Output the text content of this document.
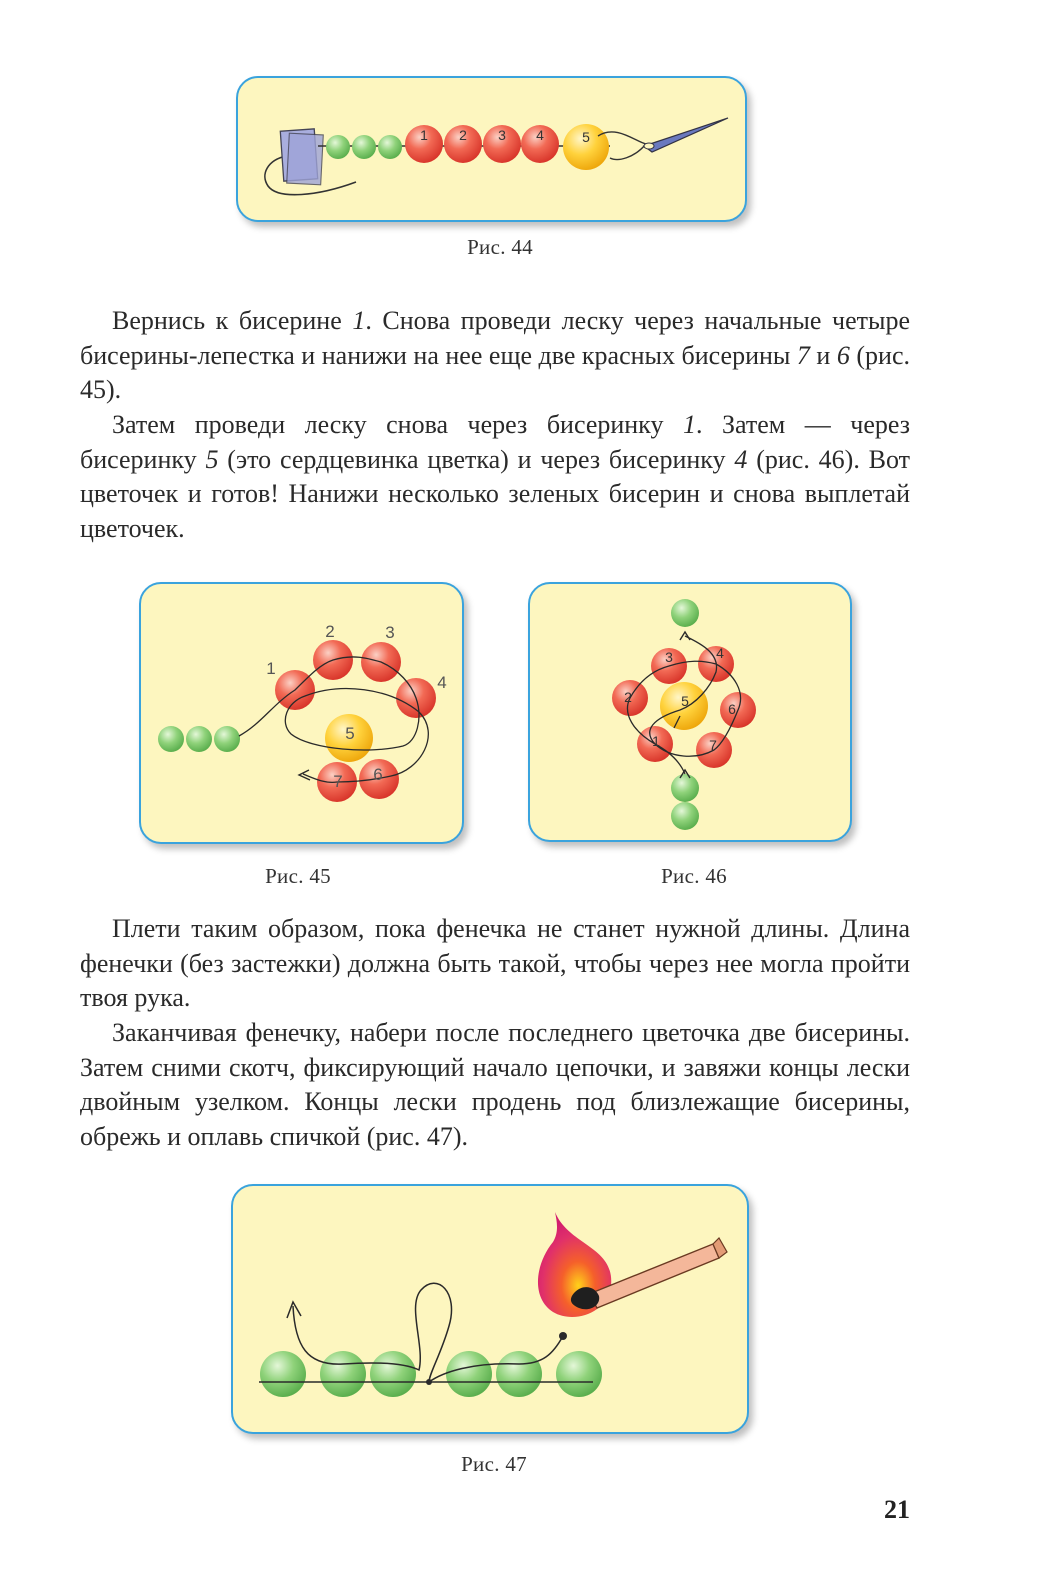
1 2 3 4	5
Рис. 44

Вернись к бисерине 1. Снова проведи леску через начальные четыре бисерины-лепестка и нанижи на нее еще две красных бисерины 7 и 6 (рис. 45).

Затем проведи леску снова через бисеринку 1. Затем — через бисеринку 5 (это сердцевинка цветка) и через бисеринку 4 (рис. 46). Вот цветочек и готов! Нанижи несколько зеленых бисерин и снова выплетай цветочек.

1
2	3
4
5
6
7
Рис. 45
1
2
3	4
5	6
7
Рис. 46

Плети таким образом, пока фенечка не станет нужной длины. Длина фенечки (без застежки) должна быть такой, чтобы через нее могла пройти твоя рука.

Заканчивая фенечку, набери после последнего цветочка две бисерины. Затем сними скотч, фиксирующий начало цепочки, и завяжи концы лески двойным узелком. Концы лески продень под близлежащие бисерины, обрежь и оплавь спичкой (рис. 47).

Рис. 47
21
